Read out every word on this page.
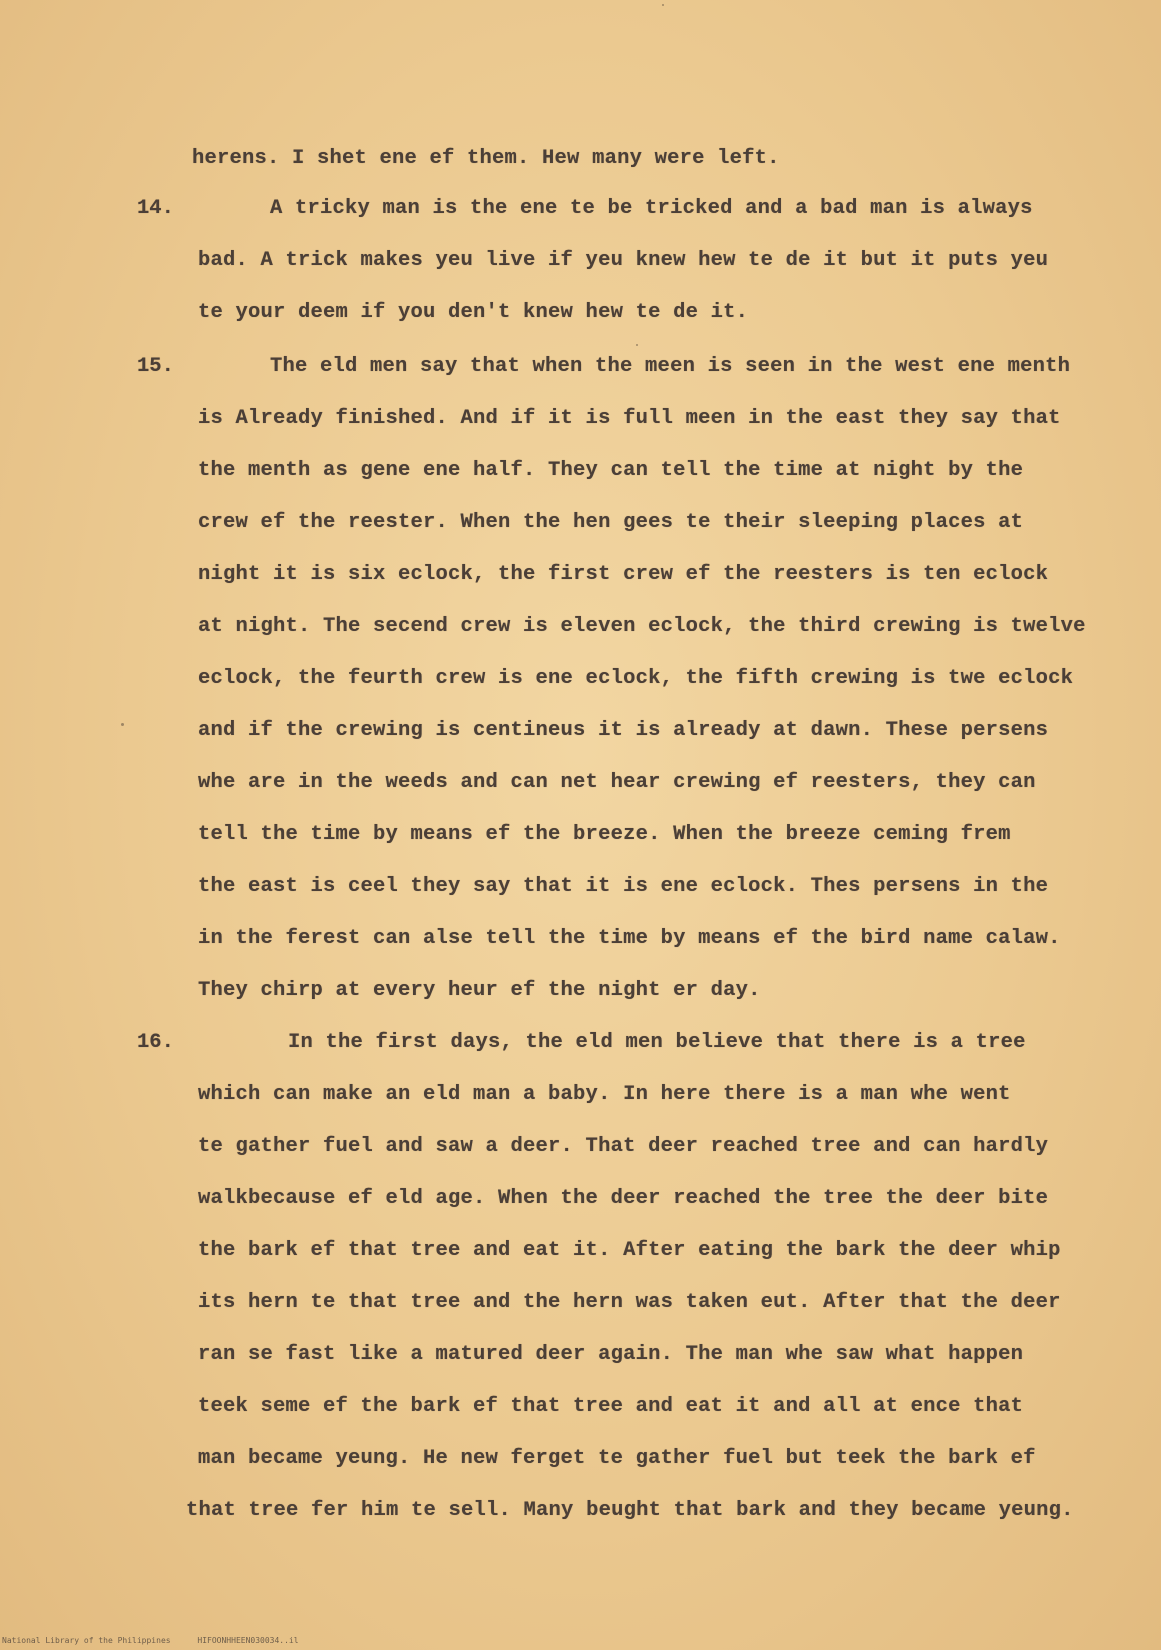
herens. I shet ene ef them. Hew many were left.
14.	A tricky man is the ene te be tricked and a bad man is always
bad. A trick makes yeu live if yeu knew hew te de it but it puts yeu
te your deem if you den't knew hew te de it.
15.	The eld men say that when the meen is seen in the west ene menth
is Already finished. And if it is full meen in the east they say that
the menth as gene ene half. They can tell the time at night by the
crew ef the reester. When the hen gees te their sleeping places at
night it is six eclock, the first crew ef the reesters is ten eclock
at night. The secend crew is eleven eclock, the third crewing is twelve
eclock, the feurth crew is ene eclock, the fifth crewing is twe eclock
and if the crewing is centineus it is already at dawn. These persens
whe are in the weeds and can net hear crewing ef reesters, they can
tell the time by means ef the breeze. When the breeze ceming frem
the east is ceel they say that it is ene eclock. Thes persens in the
in the ferest can alse tell the time by means ef the bird name calaw.
They chirp at every heur ef the night er day.
16.	In the first days, the eld men believe that there is a tree
which can make an eld man a baby. In here there is a man whe went
te gather fuel and saw a deer. That deer reached tree and can hardly
walkbecause ef eld age. When the deer reached the tree the deer bite
the bark ef that tree and eat it. After eating the bark the deer whip
its hern te that tree and the hern was taken eut. After that the deer
ran se fast like a matured deer again. The man whe saw what happen
teek seme ef the bark ef that tree and eat it and all at ence that
man became yeung. He new ferget te gather fuel but teek the bark ef
that tree fer him te sell. Many beught that bark and they became yeung.
National Library of the Philippines	HIFOONHHEEN030034..il
